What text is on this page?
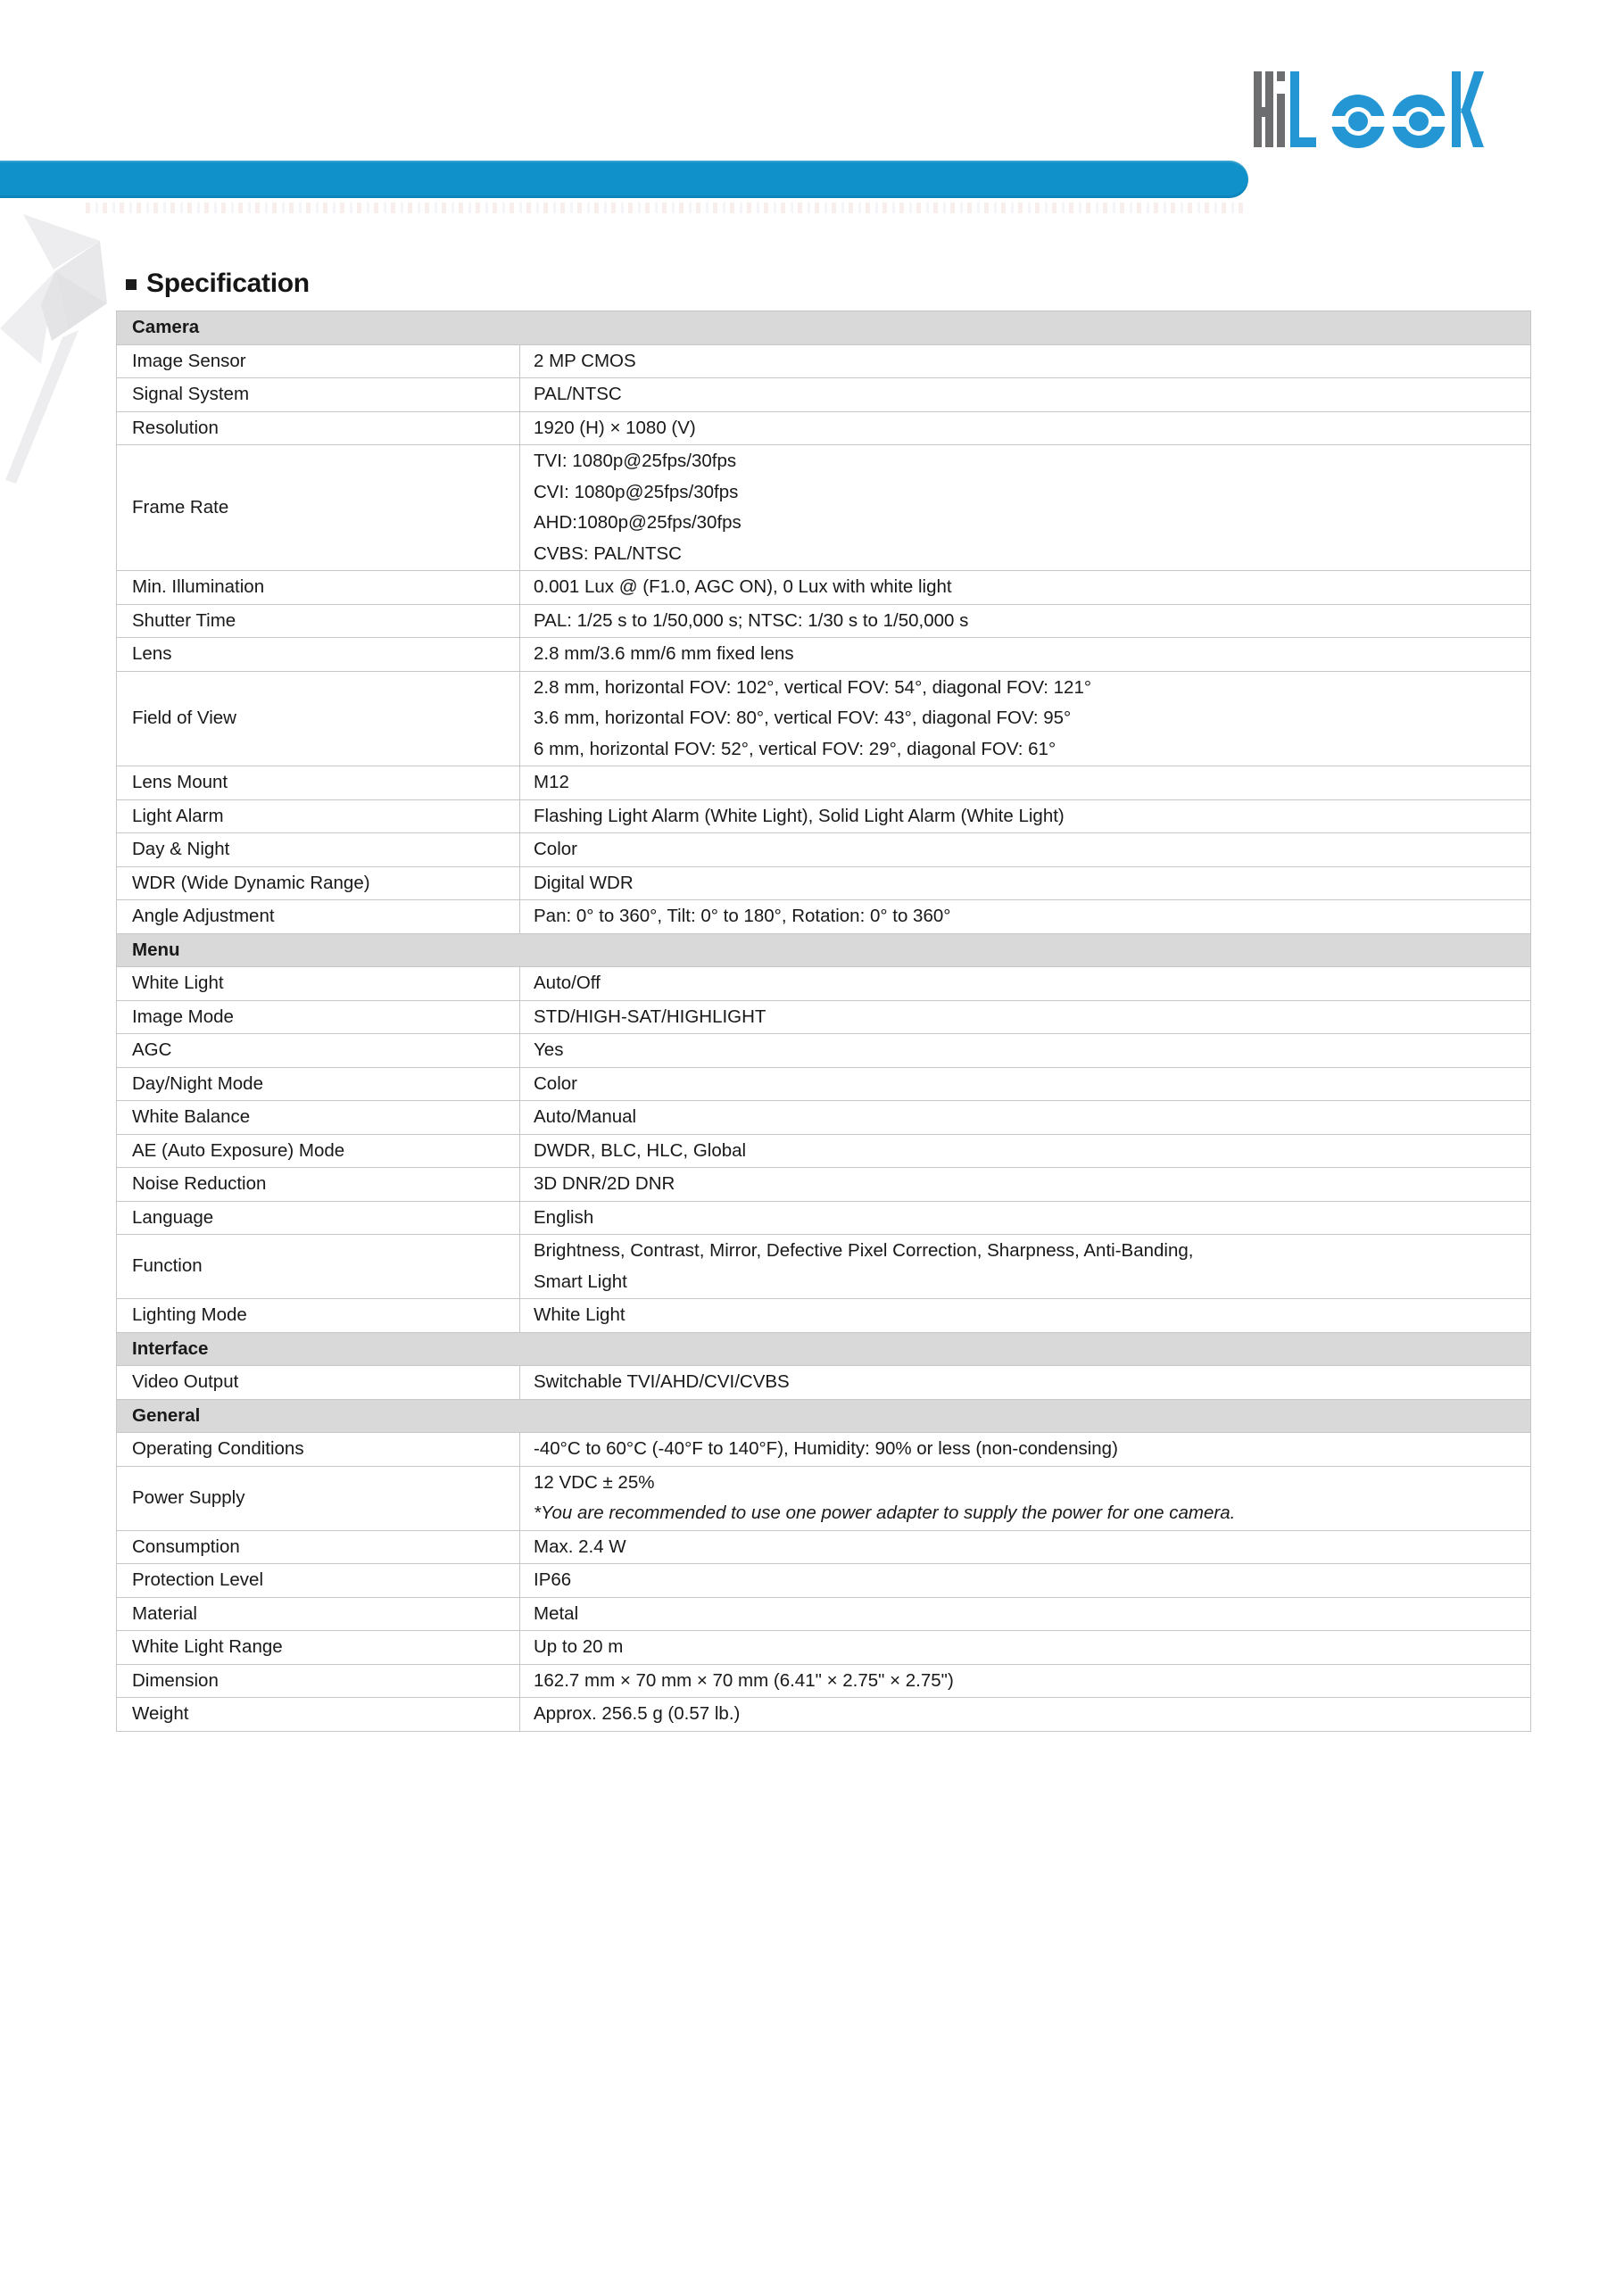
Specification
Camera	
Image Sensor	2 MP CMOS

Signal System	PAL/NTSC

Resolution	1920 (H) × 1080 (V)

Frame Rate	TVI: 1080p@25fps/30fps
CVI: 1080p@25fps/30fps
AHD:1080p@25fps/30fps
CVBS: PAL/NTSC

Min. Illumination	0.001 Lux @ (F1.0, AGC ON), 0 Lux with white light

Shutter Time	PAL: 1/25 s to 1/50,000 s; NTSC: 1/30 s to 1/50,000 s

Lens	2.8 mm/3.6 mm/6 mm fixed lens

Field of View	2.8 mm, horizontal FOV: 102°, vertical FOV: 54°, diagonal FOV: 121°
3.6 mm, horizontal FOV: 80°, vertical FOV: 43°, diagonal FOV: 95°
6 mm, horizontal FOV: 52°, vertical FOV: 29°, diagonal FOV: 61°

Lens Mount	M12

Light Alarm	Flashing Light Alarm (White Light), Solid Light Alarm (White Light)

Day & Night	Color

WDR (Wide Dynamic Range)	Digital WDR

Angle Adjustment	Pan: 0° to 360°, Tilt: 0° to 180°, Rotation: 0° to 360°

Menu	
White Light	Auto/Off

Image Mode	STD/HIGH-SAT/HIGHLIGHT

AGC	Yes

Day/Night Mode	Color

White Balance	Auto/Manual

AE (Auto Exposure) Mode	DWDR, BLC, HLC, Global

Noise Reduction	3D DNR/2D DNR

Language	English

Function	Brightness, Contrast, Mirror, Defective Pixel Correction, Sharpness, Anti-Banding,
Smart Light

Lighting Mode	White Light

Interface	
Video Output	Switchable TVI/AHD/CVI/CVBS

General	
Operating Conditions	-40°C to 60°C (-40°F to 140°F), Humidity: 90% or less (non-condensing)

Power Supply	12 VDC ± 25%
*You are recommended to use one power adapter to supply the power for one camera.

Consumption	Max. 2.4 W

Protection Level	IP66

Material	Metal

White Light Range	Up to 20 m

Dimension	162.7 mm × 70 mm × 70 mm (6.41" × 2.75" × 2.75")

Weight	Approx. 256.5 g (0.57 lb.)
